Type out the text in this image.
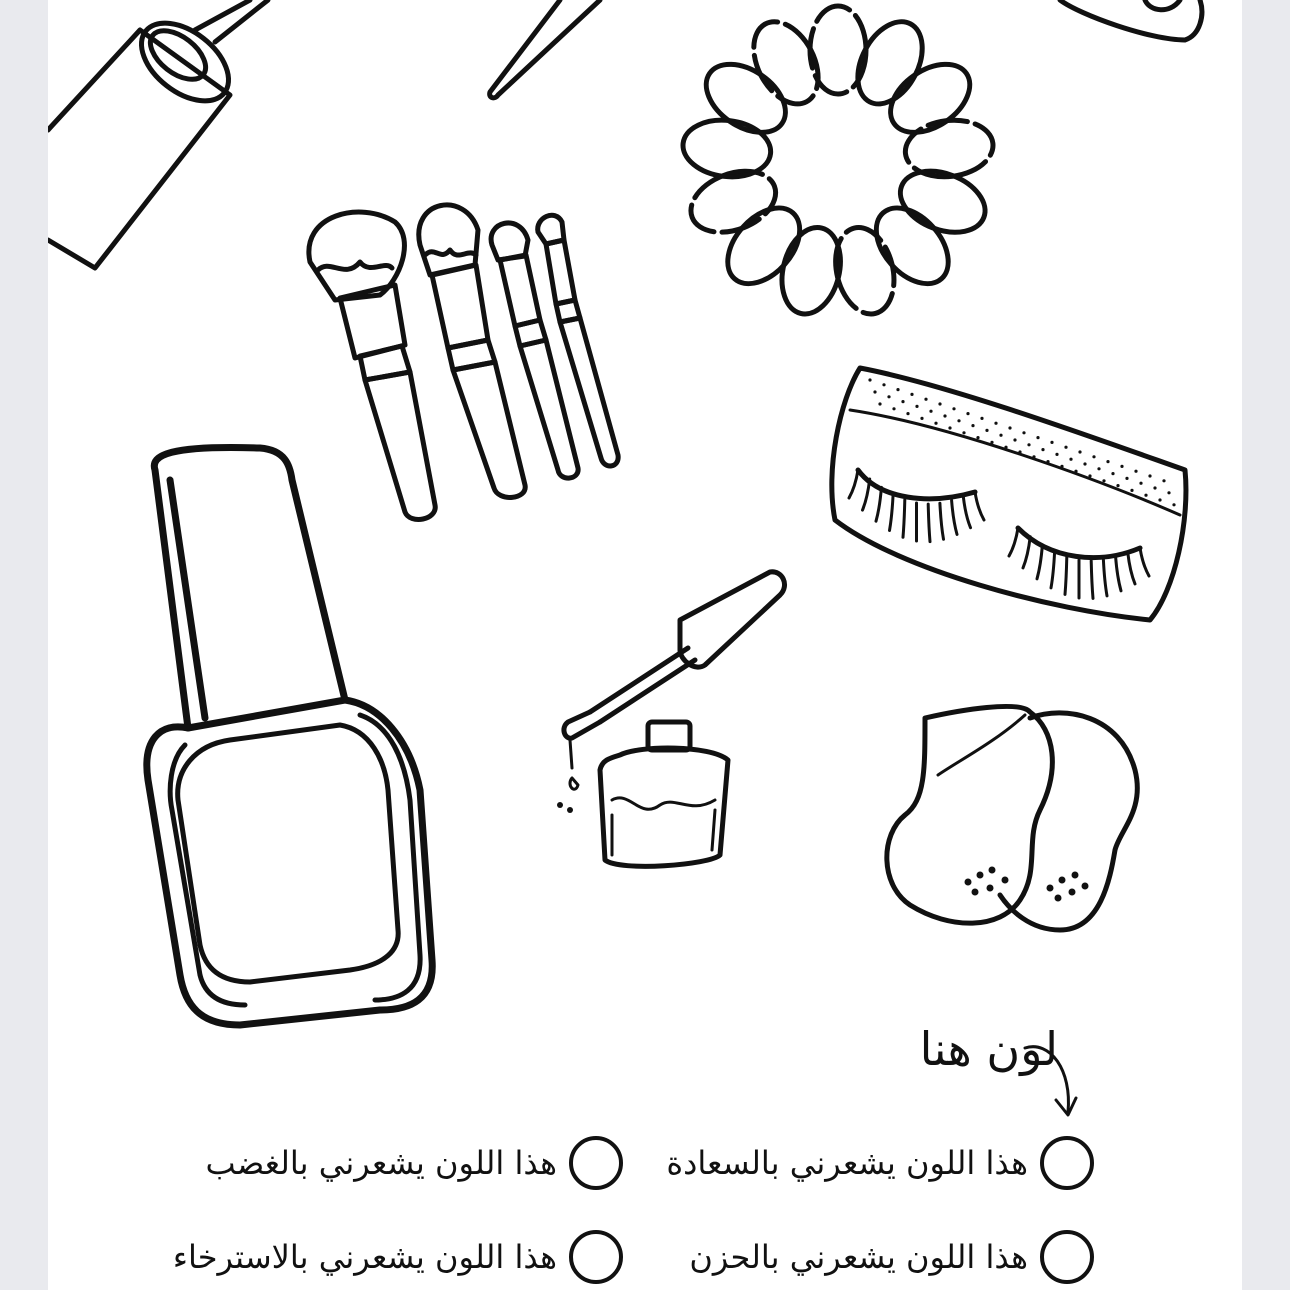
لون هنا
هذا اللون يشعرني بالسعادة
هذا اللون يشعرني بالغضب
هذا اللون يشعرني بالحزن
هذا اللون يشعرني بالاسترخاء
